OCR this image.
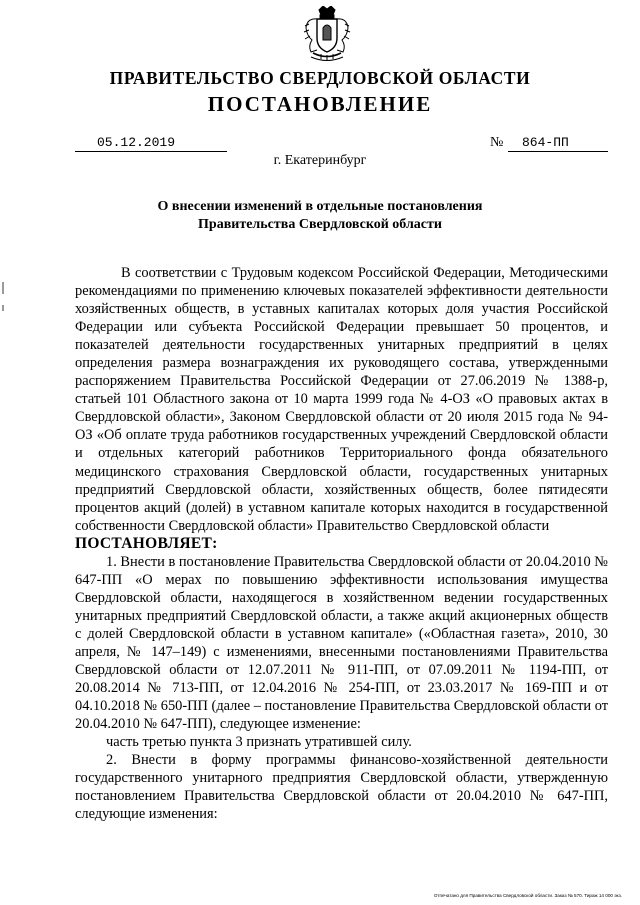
ПРАВИТЕЛЬСТВО СВЕРДЛОВСКОЙ ОБЛАСТИ
ПОСТАНОВЛЕНИЕ
05.12.2019	№	864-ПП
г. Екатеринбург
О внесении изменений в отдельные постановления
Правительства Свердловской области

В соответствии с Трудовым кодексом Российской Федерации, Методическими рекомендациями по применению ключевых показателей эффективности деятельности хозяйственных обществ, в уставных капиталах которых доля участия Российской Федерации или субъекта Российской Федерации превышает 50 процентов, и показателей деятельности государственных унитарных предприятий в целях определения размера вознаграждения их руководящего состава, утвержденными распоряжением Правительства Российской Федерации от 27.06.2019 № 1388-р, статьей 101 Областного закона от 10 марта 1999 года № 4-ОЗ «О правовых актах в Свердловской области», Законом Свердловской области от 20 июля 2015 года № 94-ОЗ «Об оплате труда работников государственных учреждений Свердловской области и отдельных категорий работников Территориального фонда обязательного медицинского страхования Свердловской области, государственных унитарных предприятий Свердловской области, хозяйственных обществ, более пятидесяти процентов акций (долей) в уставном капитале которых находится в государственной собственности Свердловской области» Правительство Свердловской области

ПОСТАНОВЛЯЕТ:

1. Внести в постановление Правительства Свердловской области от 20.04.2010 № 647-ПП «О мерах по повышению эффективности использования имущества Свердловской области, находящегося в хозяйственном ведении государственных унитарных предприятий Свердловской области, а также акций акционерных обществ с долей Свердловской области в уставном капитале» («Областная газета», 2010, 30 апреля, № 147–149) с изменениями, внесенными постановлениями Правительства Свердловской области от 12.07.2011 № 911-ПП, от 07.09.2011 № 1194-ПП, от 20.08.2014 № 713-ПП, от 12.04.2016 № 254-ПП, от 23.03.2017 № 169-ПП и от 04.10.2018 № 650-ПП (далее – постановление Правительства Свердловской области от 20.04.2010 № 647-ПП), следующее изменение:

часть третью пункта 3 признать утратившей силу.

2. Внести в форму программы финансово-хозяйственной деятельности государственного унитарного предприятия Свердловской области, утвержденную постановлением Правительства Свердловской области от 20.04.2010 № 647-ПП, следующие изменения:

Отпечатано для Правительства Свердловской области. Заказ № 570. Тираж 14 000 экз.
